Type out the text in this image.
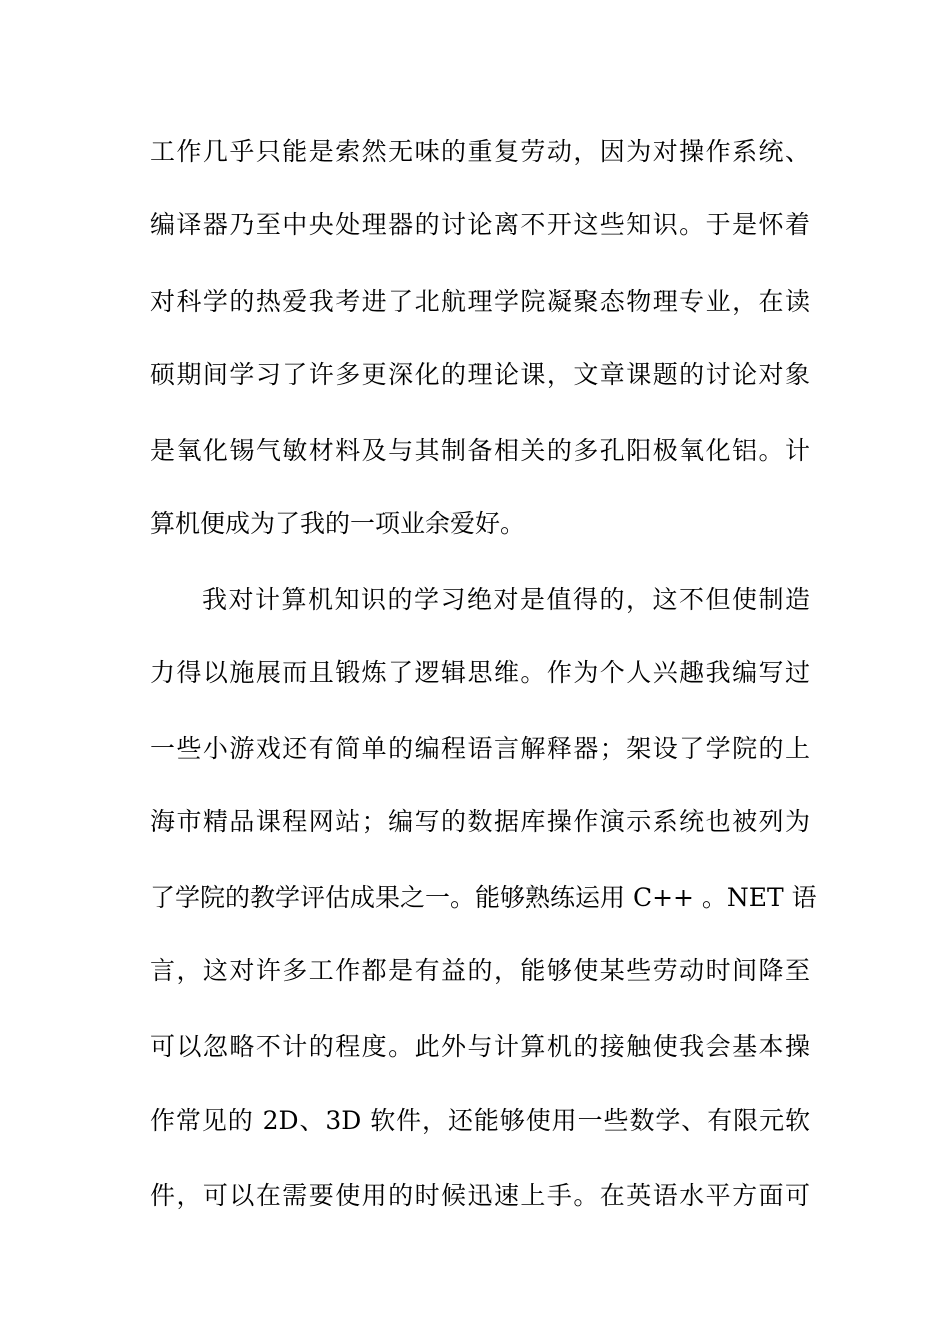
工作几乎只能是索然无味的重复劳动，因为对操作系统、
编译器乃至中央处理器的讨论离不开这些知识。于是怀着
对科学的热爱我考进了北航理学院凝聚态物理专业，在读
硕期间学习了许多更深化的理论课，文章课题的讨论对象
是氧化锡气敏材料及与其制备相关的多孔阳极氧化铝。计
算机便成为了我的一项业余爱好。
我对计算机知识的学习绝对是值得的，这不但使制造
力得以施展而且锻炼了逻辑思维。作为个人兴趣我编写过
一些小游戏还有简单的编程语言解释器；架设了学院的上
海市精品课程网站；编写的数据库操作演示系统也被列为
了学院的教学评估成果之一。能够熟练运用 C++ 。NET 语
言，这对许多工作都是有益的，能够使某些劳动时间降至
可以忽略不计的程度。此外与计算机的接触使我会基本操
作常见的 2D、3D 软件，还能够使用一些数学、有限元软
件，可以在需要使用的时候迅速上手。在英语水平方面可
